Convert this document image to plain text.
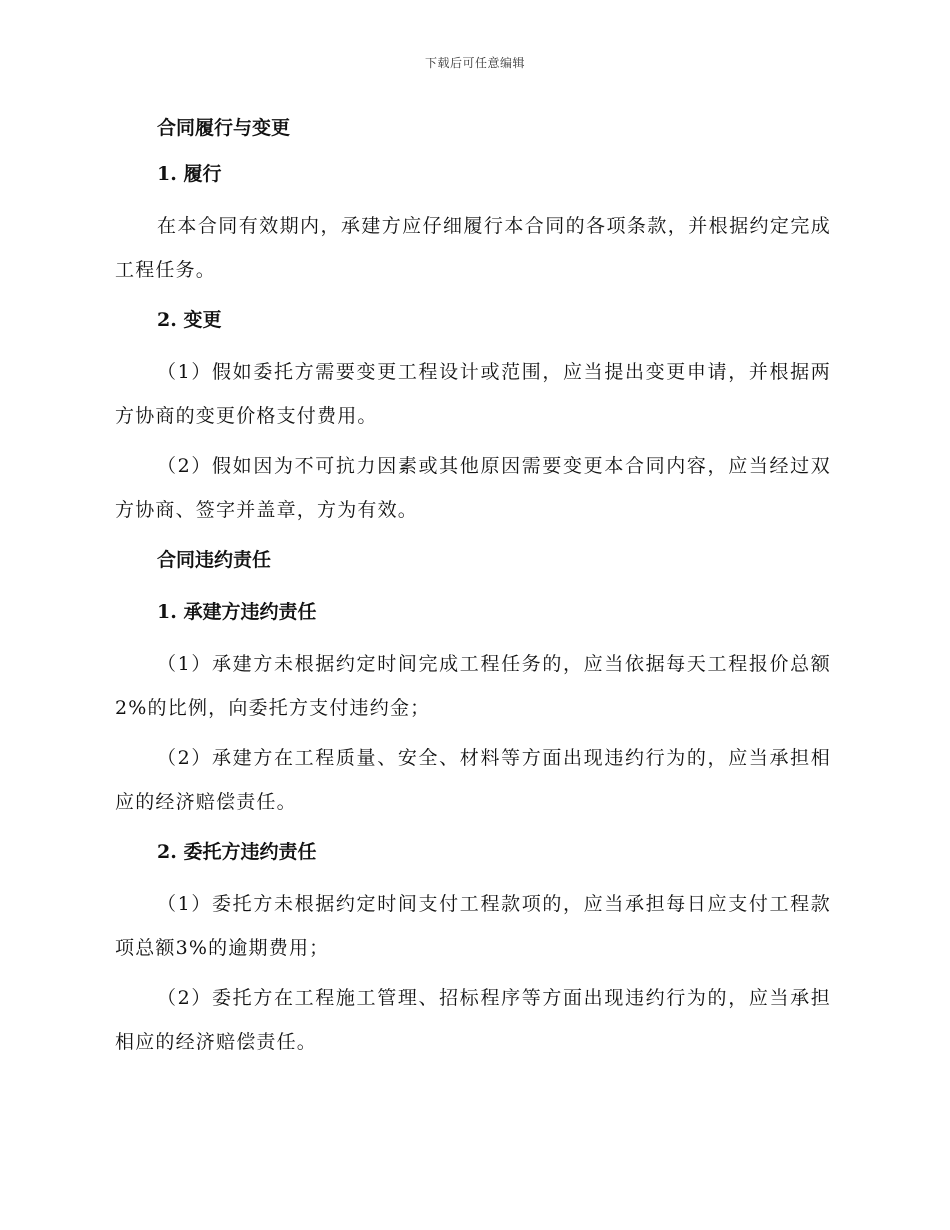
下载后可任意编辑
合同履行与变更
1. 履行

在本合同有效期内，承建方应仔细履行本合同的各项条款，并根据约定完成工程任务。

2. 变更

（1）假如委托方需要变更工程设计或范围，应当提出变更申请，并根据两方协商的变更价格支付费用。

（2）假如因为不可抗力因素或其他原因需要变更本合同内容，应当经过双方协商、签字并盖章，方为有效。

合同违约责任
1. 承建方违约责任

（1）承建方未根据约定时间完成工程任务的，应当依据每天工程报价总额2%的比例，向委托方支付违约金；

（2）承建方在工程质量、安全、材料等方面出现违约行为的，应当承担相应的经济赔偿责任。

2. 委托方违约责任

（1）委托方未根据约定时间支付工程款项的，应当承担每日应支付工程款项总额3%的逾期费用；

（2）委托方在工程施工管理、招标程序等方面出现违约行为的，应当承担相应的经济赔偿责任。
